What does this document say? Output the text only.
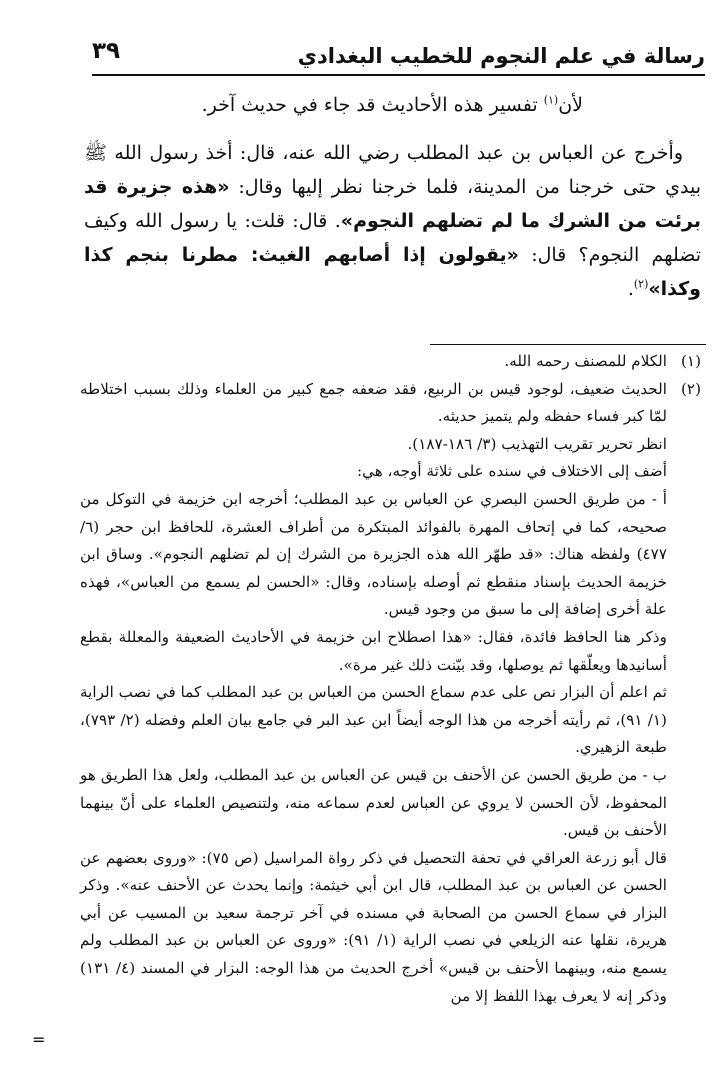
رسالة في علم النجوم للخطيب البغدادي
٣٩

لأن$^{(١)}$ تفسير هذه الأحاديث قد جاء في حديث آخر.

وأخرج عن العباس بن عبد المطلب رضي الله عنه، قال: أخذ رسول الله ﷺ بيدي حتى خرجنا من المدينة، فلما خرجنا نظر إليها وقال: «هذه جزيرة قد برئت من الشرك ما لم تضلهم النجوم». قال: قلت: يا رسول الله وكيف تضلهم النجوم؟ قال: «يقولون إذا أصابهم الغيث: مطرنا بنجم كذا وكذا»$^{(٢)}$.

(١)
الكلام للمصنف رحمه الله.
(٢)
الحديث ضعيف، لوجود قيس بن الربيع، فقد ضعفه جمع كبير من العلماء وذلك بسبب اختلاطه لمّا كبر فساء حفظه ولم يتميز حديثه.
انظر تحرير تقريب التهذيب (٣/ ١٨٦-١٨٧).
أضف إلى الاختلاف في سنده على ثلاثة أوجه، هي:
أ - من طريق الحسن البصري عن العباس بن عبد المطلب؛ أخرجه ابن خزيمة في التوكل من صحيحه، كما في إتحاف المهرة بالفوائد المبتكرة من أطراف العشرة، للحافظ ابن حجر (٦/ ٤٧٧) ولفظه هناك: «قد طهّر الله هذه الجزيرة من الشرك إن لم تضلهم النجوم». وساق ابن خزيمة الحديث بإسناد منقطع ثم أوصله بإسناده، وقال: «الحسن لم يسمع من العباس»، فهذه علة أخرى إضافة إلى ما سبق من وجود قيس.
وذكر هنا الحافظ فائدة، فقال: «هذا اصطلاح ابن خزيمة في الأحاديث الضعيفة والمعللة بقطع أسانيدها ويعلّقها ثم يوصلها، وقد بيّنت ذلك غير مرة».
ثم اعلم أن البزار نص على عدم سماع الحسن من العباس بن عبد المطلب كما في نصب الراية (١/ ٩١)، ثم رأيته أخرجه من هذا الوجه أيضاً ابن عبد البر في جامع بيان العلم وفضله (٢/ ٧٩٣)، طبعة الزهيري.
ب - من طريق الحسن عن الأحنف بن قيس عن العباس بن عبد المطلب، ولعل هذا الطريق هو المحفوظ، لأن الحسن لا يروي عن العباس لعدم سماعه منه، ولتنصيص العلماء على أنّ بينهما الأحنف بن قيس.
قال أبو زرعة العراقي في تحفة التحصيل في ذكر رواة المراسيل (ص ٧٥): «وروى بعضهم عن الحسن عن العباس بن عبد المطلب، قال ابن أبي خيثمة: وإنما يحدث عن الأحنف عنه». وذكر البزار في سماع الحسن من الصحابة في مسنده في آخر ترجمة سعيد بن المسيب عن أبي هريرة، نقلها عنه الزيلعي في نصب الراية (١/ ٩١): «وروى عن العباس بن عبد المطلب ولم يسمع منه، وبينهما الأحنف بن قيس» أخرج الحديث من هذا الوجه: البزار في المسند (٤/ ١٣١) وذكر إنه لا يعرف بهذا اللفظ إلا من
=
